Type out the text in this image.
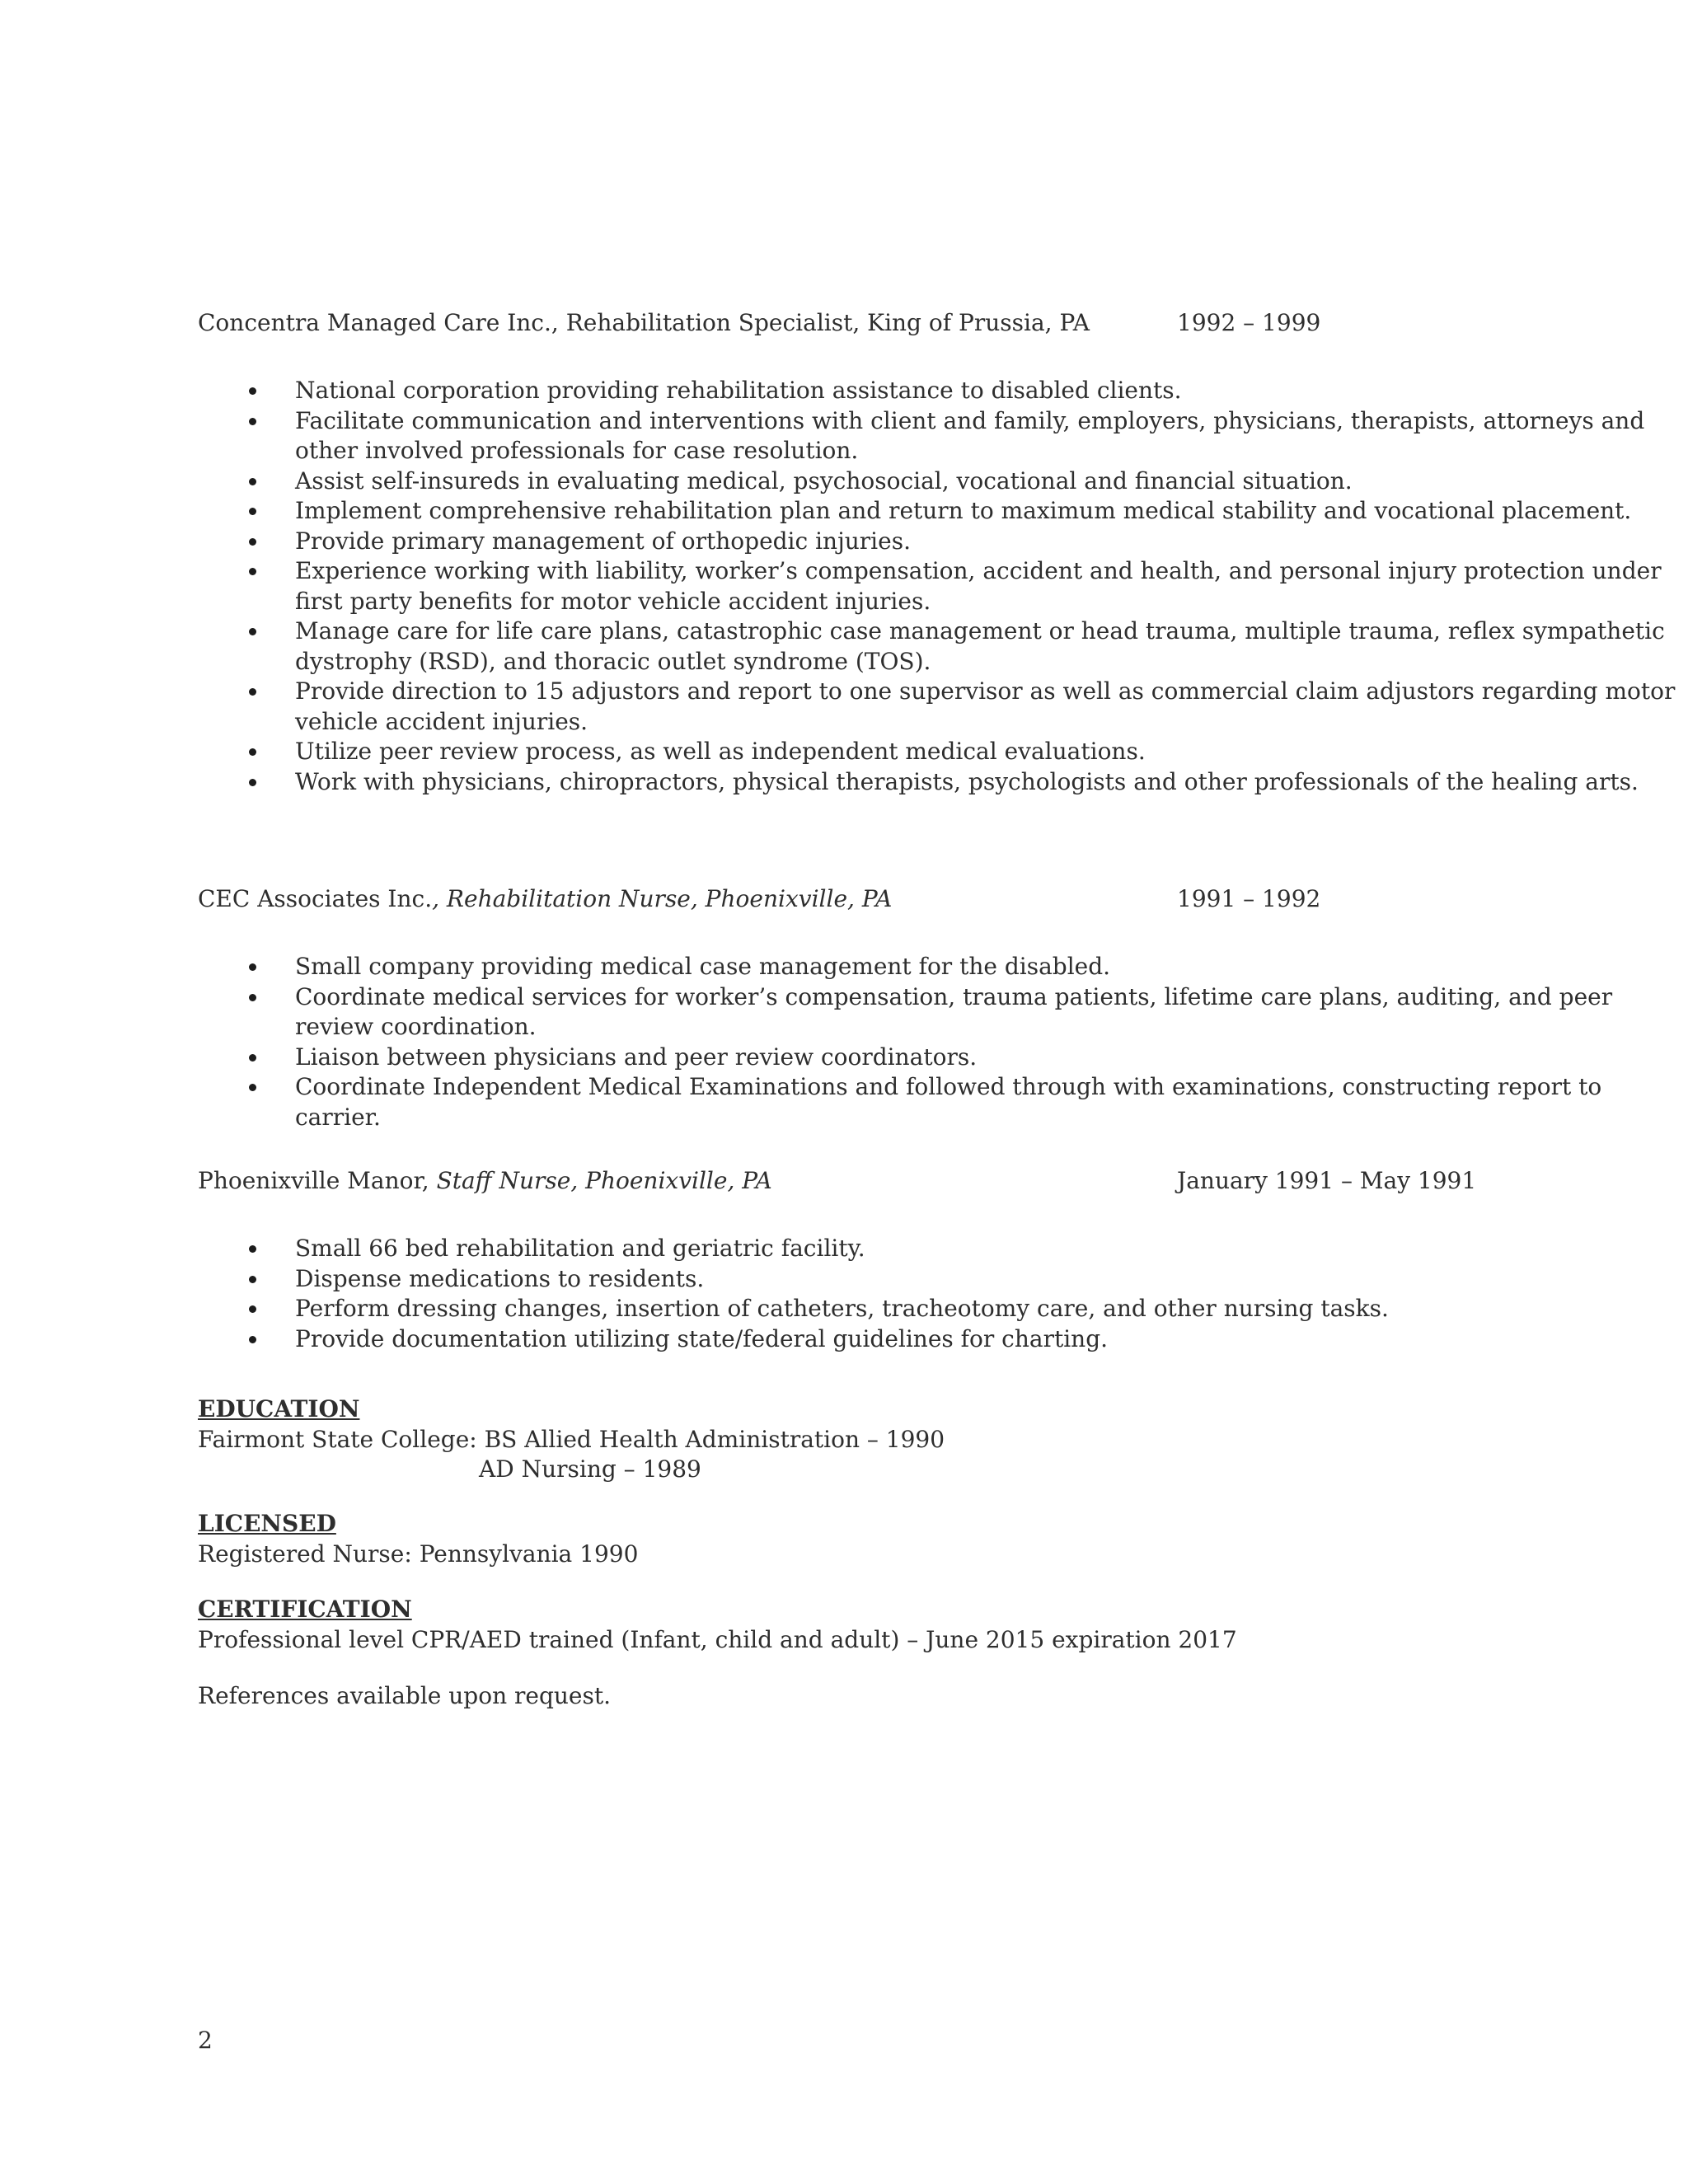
Concentra Managed Care Inc., Rehabilitation Specialist, King of Prussia, PA	1992 – 1999
National corporation providing rehabilitation assistance to disabled clients.
Facilitate communication and interventions with client and family, employers, physicians, therapists, attorneys and other involved professionals for case resolution.
Assist self-insureds in evaluating medical, psychosocial, vocational and financial situation.
Implement comprehensive rehabilitation plan and return to maximum medical stability and vocational placement.
Provide primary management of orthopedic injuries.
Experience working with liability, worker’s compensation, accident and health, and personal injury protection under first party benefits for motor vehicle accident injuries.
Manage care for life care plans, catastrophic case management or head trauma, multiple trauma, reflex sympathetic dystrophy (RSD), and thoracic outlet syndrome (TOS).
Provide direction to 15 adjustors and report to one supervisor as well as commercial claim adjustors regarding motor vehicle accident injuries.
Utilize peer review process, as well as independent medical evaluations.
Work with physicians, chiropractors, physical therapists, psychologists and other professionals of the healing arts.
CEC Associates Inc., Rehabilitation Nurse, Phoenixville, PA	1991 – 1992
Small company providing medical case management for the disabled.
Coordinate medical services for worker’s compensation, trauma patients, lifetime care plans, auditing, and peer review coordination.
Liaison between physicians and peer review coordinators.
Coordinate Independent Medical Examinations and followed through with examinations, constructing report to carrier.
Phoenixville Manor, Staff Nurse, Phoenixville, PA	January 1991 – May 1991
Small 66 bed rehabilitation and geriatric facility.
Dispense medications to residents.
Perform dressing changes, insertion of catheters, tracheotomy care, and other nursing tasks.
Provide documentation utilizing state/federal guidelines for charting.
EDUCATION
Fairmont State College: BS Allied Health Administration – 1990
AD Nursing – 1989
LICENSED
Registered Nurse: Pennsylvania 1990
CERTIFICATION
Professional level CPR/AED trained (Infant, child and adult) – June 2015 expiration 2017
References available upon request.
2
